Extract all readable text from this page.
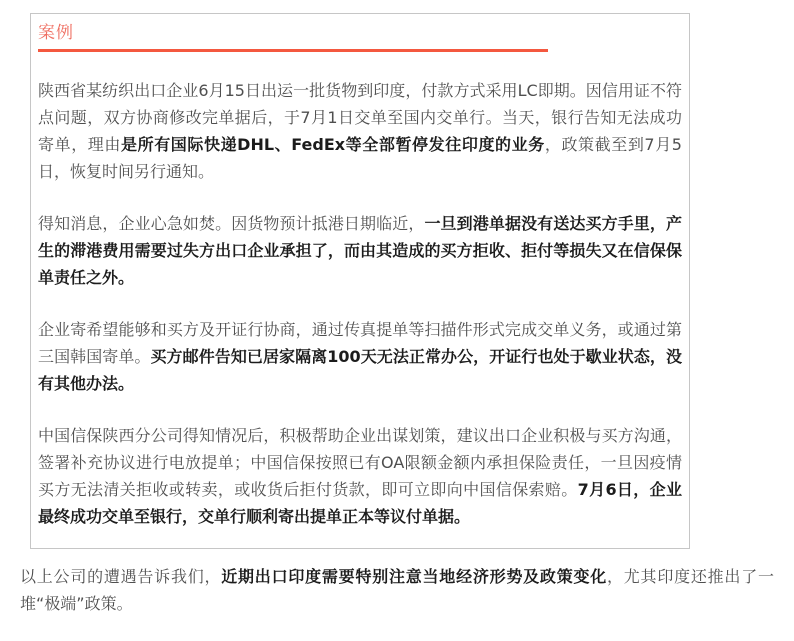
案例

陕西省某纺织出口企业6月15日出运一批货物到印度，付款方式采用LC即期。因信用证不符点问题，双方协商修改完单据后，于7月1日交单至国内交单行。当天，银行告知无法成功寄单，理由是所有国际快递DHL、FedEx等全部暂停发往印度的业务，政策截至到7月5日，恢复时间另行通知。

得知消息，企业心急如焚。因货物预计抵港日期临近，一旦到港单据没有送达买方手里，产生的滞港费用需要过失方出口企业承担了，而由其造成的买方拒收、拒付等损失又在信保保单责任之外。

企业寄希望能够和买方及开证行协商，通过传真提单等扫描件形式完成交单义务，或通过第三国韩国寄单。买方邮件告知已居家隔离100天无法正常办公，开证行也处于歇业状态，没有其他办法。

中国信保陕西分公司得知情况后，积极帮助企业出谋划策，建议出口企业积极与买方沟通，签署补充协议进行电放提单；中国信保按照已有OA限额金额内承担保险责任，一旦因疫情买方无法清关拒收或转卖，或收货后拒付货款，即可立即向中国信保索赔。7月6日，企业最终成功交单至银行，交单行顺利寄出提单正本等议付单据。

以上公司的遭遇告诉我们，近期出口印度需要特别注意当地经济形势及政策变化，尤其印度还推出了一堆“极端”政策。
